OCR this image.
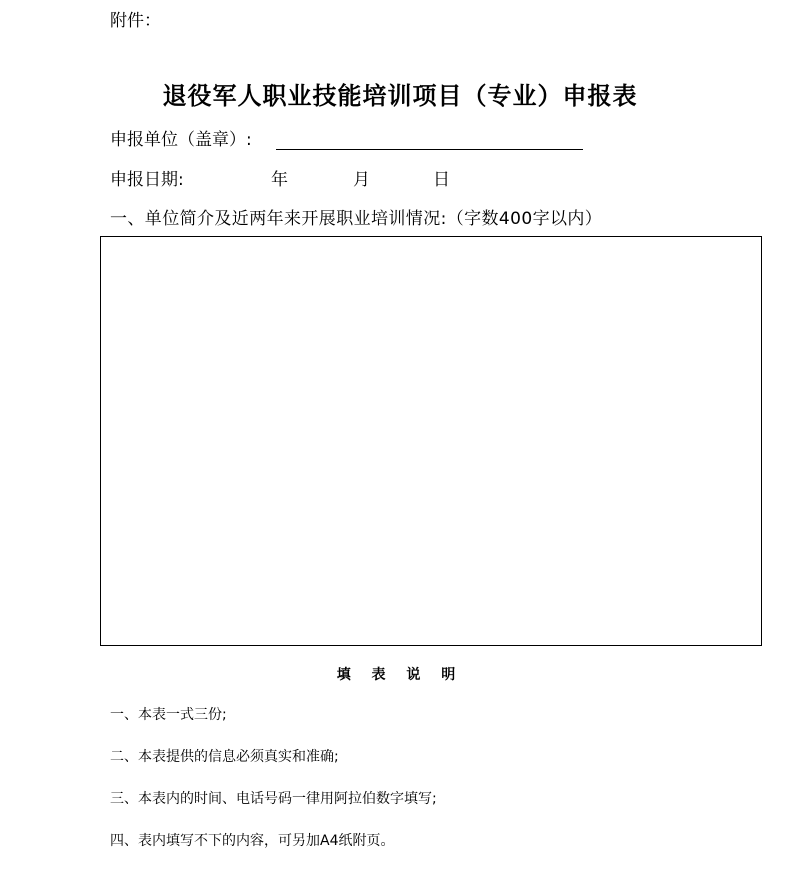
附件：
退役军人职业技能培训项目（专业）申报表
申报单位（盖章）:
申报日期:	年	月	日
一、单位简介及近两年来开展职业培训情况:（字数400字以内）
填 表 说 明
一、本表一式三份;
二、本表提供的信息必须真实和准确;
三、本表内的时间、电话号码一律用阿拉伯数字填写;
四、表内填写不下的内容，可另加A4纸附页。
